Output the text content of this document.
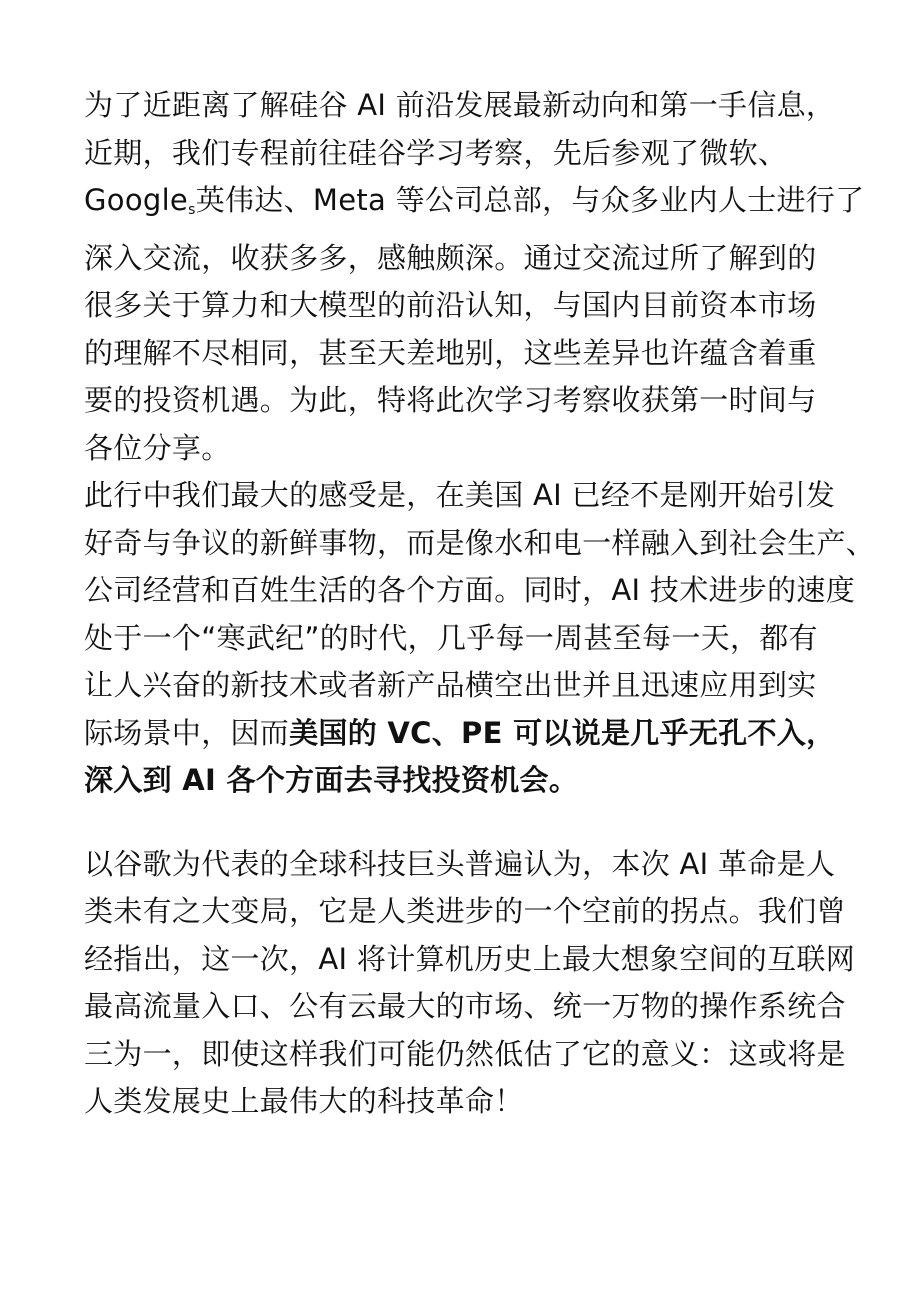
为了近距离了解硅谷 AI 前沿发展最新动向和第一手信息，
近期，我们专程前往硅谷学习考察，先后参观了微软、
Google$_s$英伟达、Meta 等公司总部，与众多业内人士进行了
深入交流，收获多多，感触颇深。通过交流过所了解到的
很多关于算力和大模型的前沿认知，与国内目前资本市场
的理解不尽相同，甚至天差地别，这些差异也许蕴含着重
要的投资机遇。为此，特将此次学习考察收获第一时间与
各位分享。
此行中我们最大的感受是，在美国 AI 已经不是刚开始引发
好奇与争议的新鲜事物，而是像水和电一样融入到社会生产、
公司经营和百姓生活的各个方面。同时，AI 技术进步的速度
处于一个“寒武纪”的时代，几乎每一周甚至每一天，都有
让人兴奋的新技术或者新产品横空出世并且迅速应用到实
际场景中，因而美国的 VC、PE 可以说是几乎无孔不入，
深入到 AI 各个方面去寻找投资机会。
以谷歌为代表的全球科技巨头普遍认为，本次 AI 革命是人
类未有之大变局，它是人类进步的一个空前的拐点。我们曾
经指出，这一次，AI 将计算机历史上最大想象空间的互联网
最高流量入口、公有云最大的市场、统一万物的操作系统合
三为一，即使这样我们可能仍然低估了它的意义：这或将是
人类发展史上最伟大的科技革命！
